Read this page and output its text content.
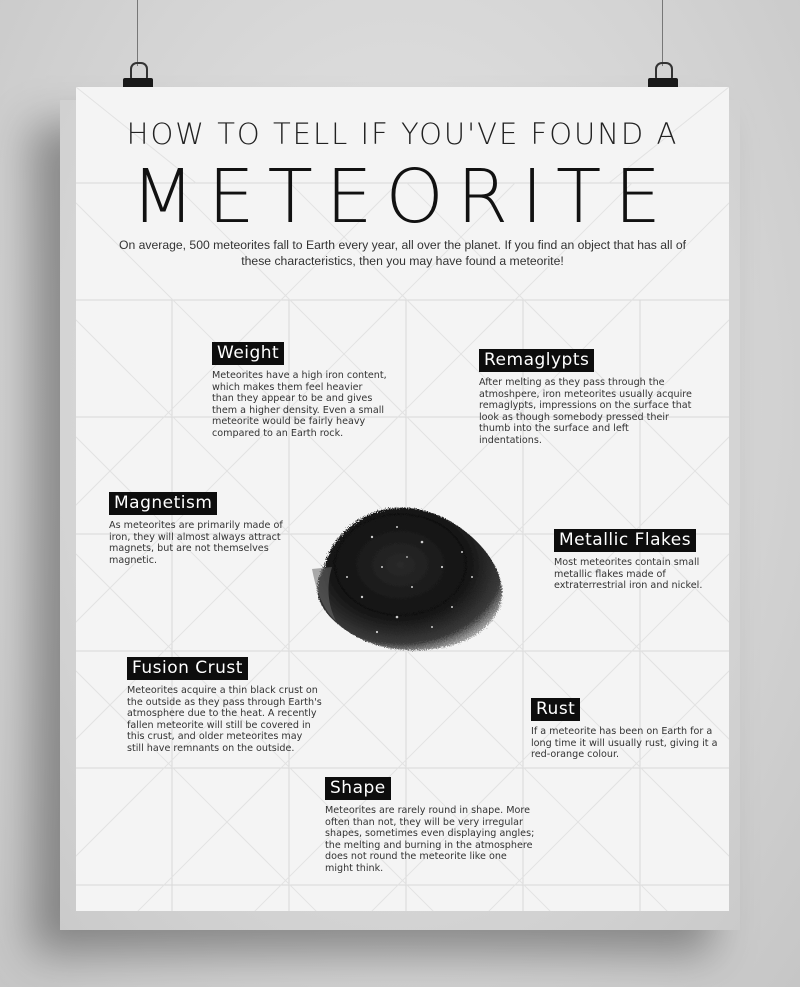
HOW TO TELL IF YOU'VE FOUND A
METEORITE

On average, 500 meteorites fall to Earth every year, all over the planet. If you find an object that has all of these characteristics, then you may have found a meteorite!

Weight
Meteorites have a high iron content, which makes them feel heavier than they appear to be and gives them a higher density. Even a small meteorite would be fairly heavy compared to an Earth rock.
Remaglypts
After melting as they pass through the atmoshpere, iron meteorites usually acquire remaglypts, impressions on the surface that look as though somebody pressed their thumb into the surface and left indentations.
Magnetism
As meteorites are primarily made of iron, they will almost always attract magnets, but are not themselves magnetic.
Metallic Flakes
Most meteorites contain small metallic flakes made of extraterrestrial iron and nickel.
Fusion Crust
Meteorites acquire a thin black crust on the outside as they pass through Earth's atmosphere due to the heat. A recently fallen meteorite will still be covered in this crust, and older meteorites may still have remnants on the outside.
Rust
If a meteorite has been on Earth for a long time it will usually rust, giving it a red-orange colour.
Shape
Meteorites are rarely round in shape. More often than not, they will be very irregular shapes, sometimes even displaying angles; the melting and burning in the atmosphere does not round the meteorite like one might think.
